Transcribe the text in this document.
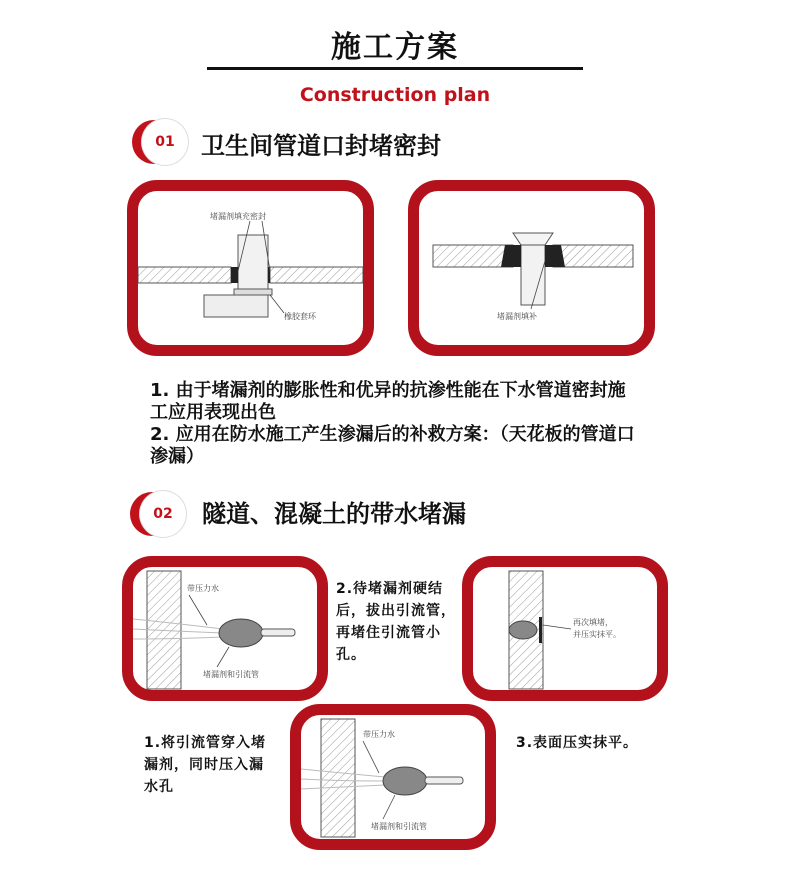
施工方案
Construction plan
01	卫生间管道口封堵密封
堵漏剂填充密封
橡胶套环	堵漏剂填补
1. 由于堵漏剂的膨胀性和优异的抗渗性能在下水管道密封施
工应用表现出色
2. 应用在防水施工产生渗漏后的补救方案：（天花板的管道口
渗漏）
02	隧道、混凝土的带水堵漏
带压力水
堵漏剂和引流管
2.待堵漏剂硬结
后，拔出引流管，
再堵住引流管小
孔。
再次填堵，
并压实抹平。
1.将引流管穿入堵
漏剂，同时压入漏
水孔
带压力水
堵漏剂和引流管
3.表面压实抹平。
